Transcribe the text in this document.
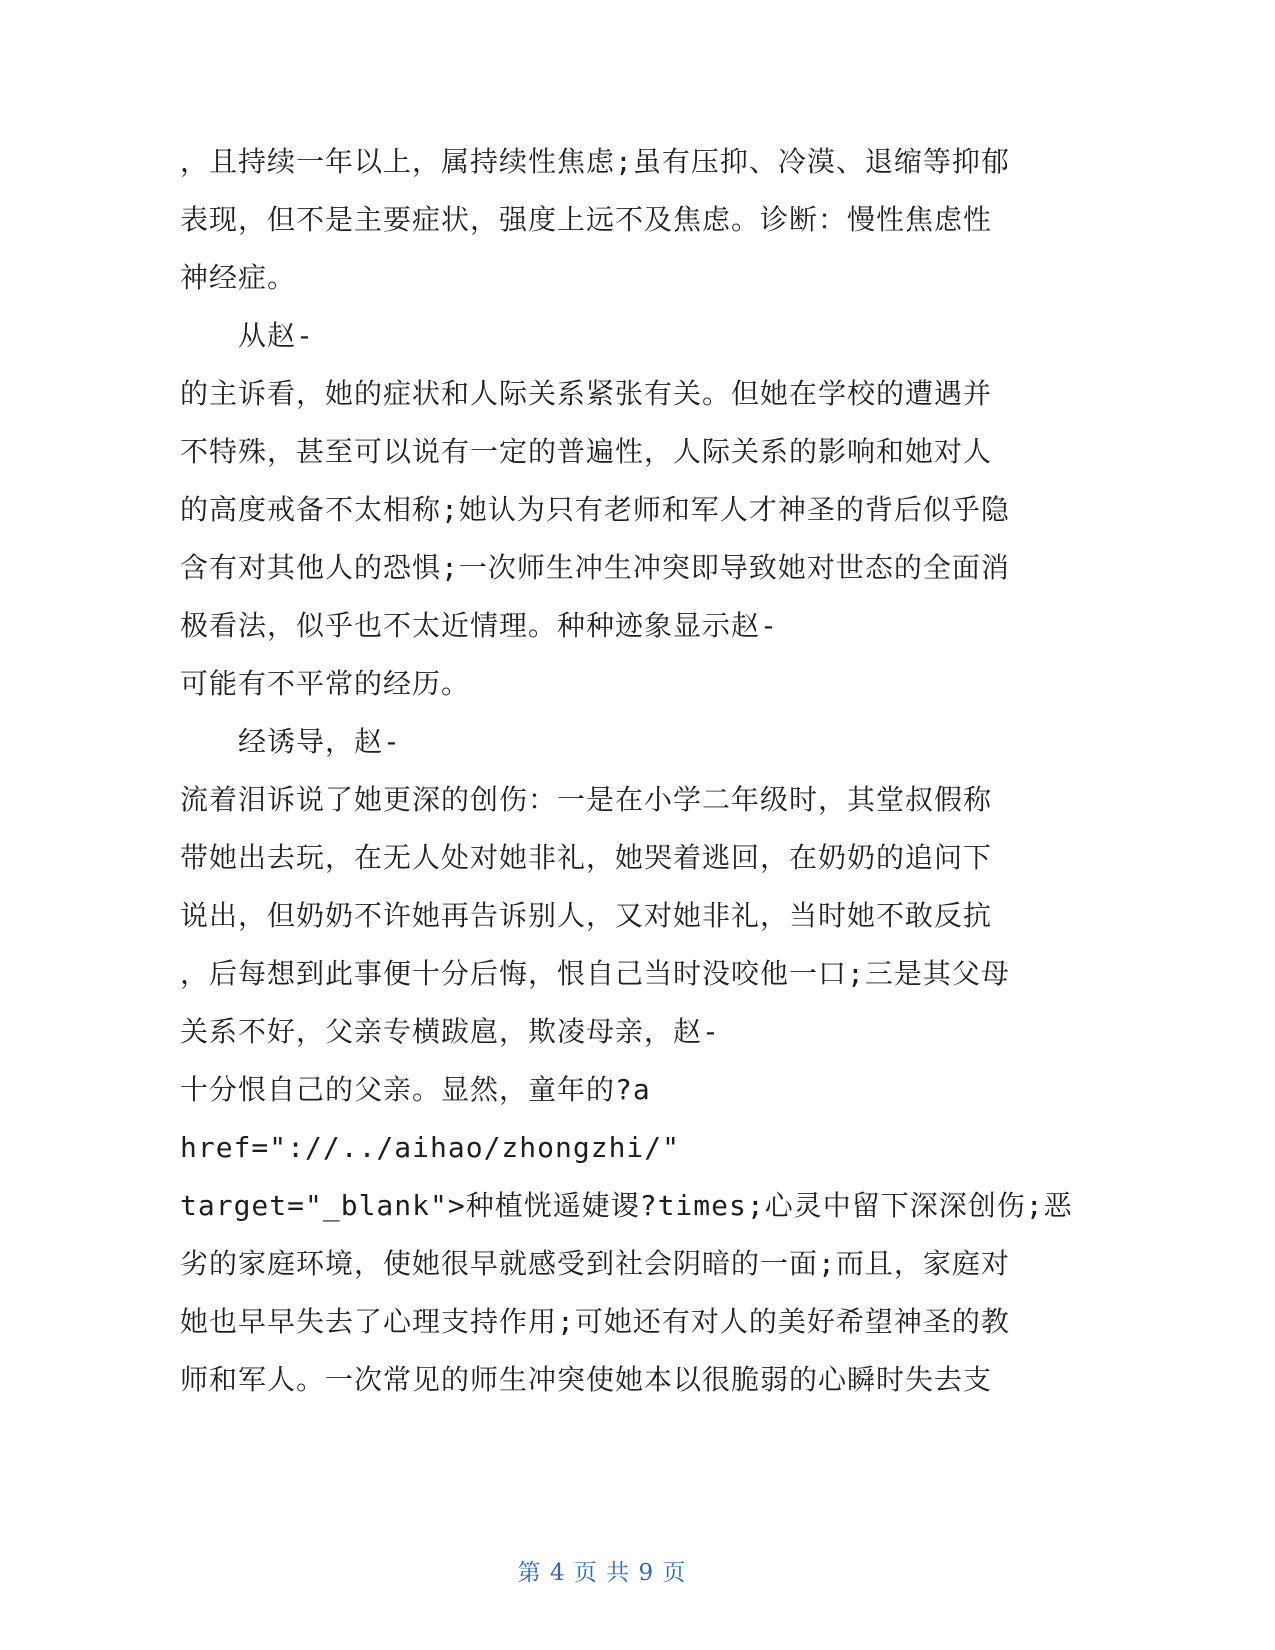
，且持续一年以上，属持续性焦虑;虽有压抑、冷漠、退缩等抑郁
表现，但不是主要症状，强度上远不及焦虑。诊断：慢性焦虑性
神经症。
从赵-
的主诉看，她的症状和人际关系紧张有关。但她在学校的遭遇并
不特殊，甚至可以说有一定的普遍性，人际关系的影响和她对人
的高度戒备不太相称;她认为只有老师和军人才神圣的背后似乎隐
含有对其他人的恐惧;一次师生冲生冲突即导致她对世态的全面消
极看法，似乎也不太近情理。种种迹象显示赵-
可能有不平常的经历。
经诱导，赵-
流着泪诉说了她更深的创伤：一是在小学二年级时，其堂叔假称
带她出去玩，在无人处对她非礼，她哭着逃回，在奶奶的追问下
说出，但奶奶不许她再告诉别人，又对她非礼，当时她不敢反抗
，后每想到此事便十分后悔，恨自己当时没咬他一口;三是其父母
关系不好，父亲专横跋扈，欺凌母亲，赵-
十分恨自己的父亲。显然，童年的?a
href="://../aihao/zhongzhi/"
target="_blank">种植恍遥婕谡?times;心灵中留下深深创伤;恶
劣的家庭环境，使她很早就感受到社会阴暗的一面;而且，家庭对
她也早早失去了心理支持作用;可她还有对人的美好希望神圣的教
师和军人。一次常见的师生冲突使她本以很脆弱的心瞬时失去支
第 4 页 共 9 页
